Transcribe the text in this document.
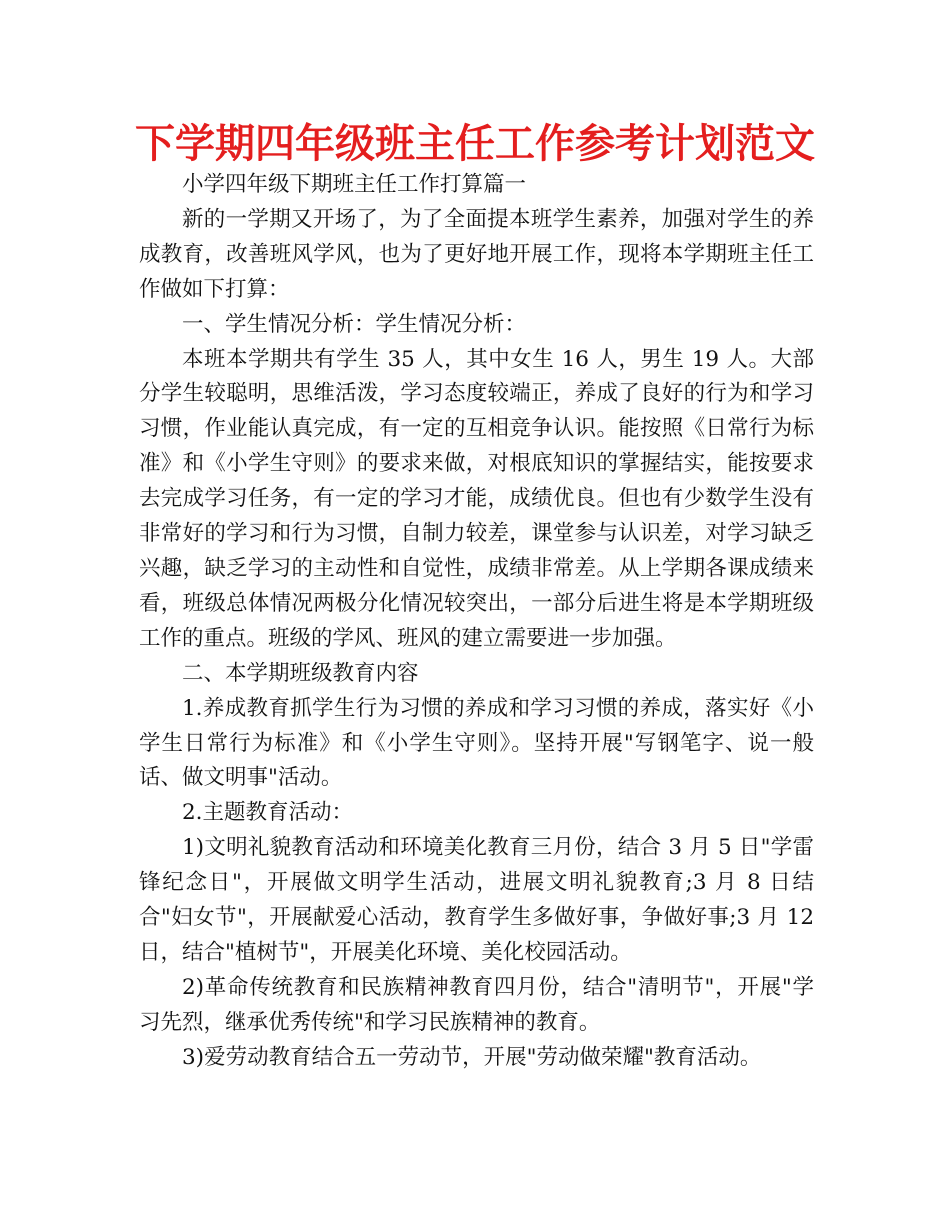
下学期四年级班主任工作参考计划范文

小学四年级下期班主任工作打算篇一

新的一学期又开场了，为了全面提本班学生素养，加强对学生的养成教育，改善班风学风，也为了更好地开展工作，现将本学期班主任工作做如下打算：

一、学生情况分析：学生情况分析：

本班本学期共有学生 35 人，其中女生 16 人，男生 19 人。大部分学生较聪明，思维活泼，学习态度较端正，养成了良好的行为和学习习惯，作业能认真完成，有一定的互相竞争认识。能按照《日常行为标准》和《小学生守则》的要求来做，对根底知识的掌握结实，能按要求去完成学习任务，有一定的学习才能，成绩优良。但也有少数学生没有非常好的学习和行为习惯，自制力较差，课堂参与认识差，对学习缺乏兴趣，缺乏学习的主动性和自觉性，成绩非常差。从上学期各课成绩来看，班级总体情况两极分化情况较突出，一部分后进生将是本学期班级工作的重点。班级的学风、班风的建立需要进一步加强。

二、本学期班级教育内容

1.养成教育抓学生行为习惯的养成和学习习惯的养成，落实好《小学生日常行为标准》和《小学生守则》。坚持开展"写钢笔字、说一般话、做文明事"活动。

2.主题教育活动：

1)文明礼貌教育活动和环境美化教育三月份，结合 3 月 5 日"学雷锋纪念日"，开展做文明学生活动，进展文明礼貌教育;3 月 8 日结合"妇女节"，开展献爱心活动，教育学生多做好事，争做好事;3 月 12 日，结合"植树节"，开展美化环境、美化校园活动。

2)革命传统教育和民族精神教育四月份，结合"清明节"，开展"学习先烈，继承优秀传统"和学习民族精神的教育。

3)爱劳动教育结合五一劳动节，开展"劳动做荣耀"教育活动。
